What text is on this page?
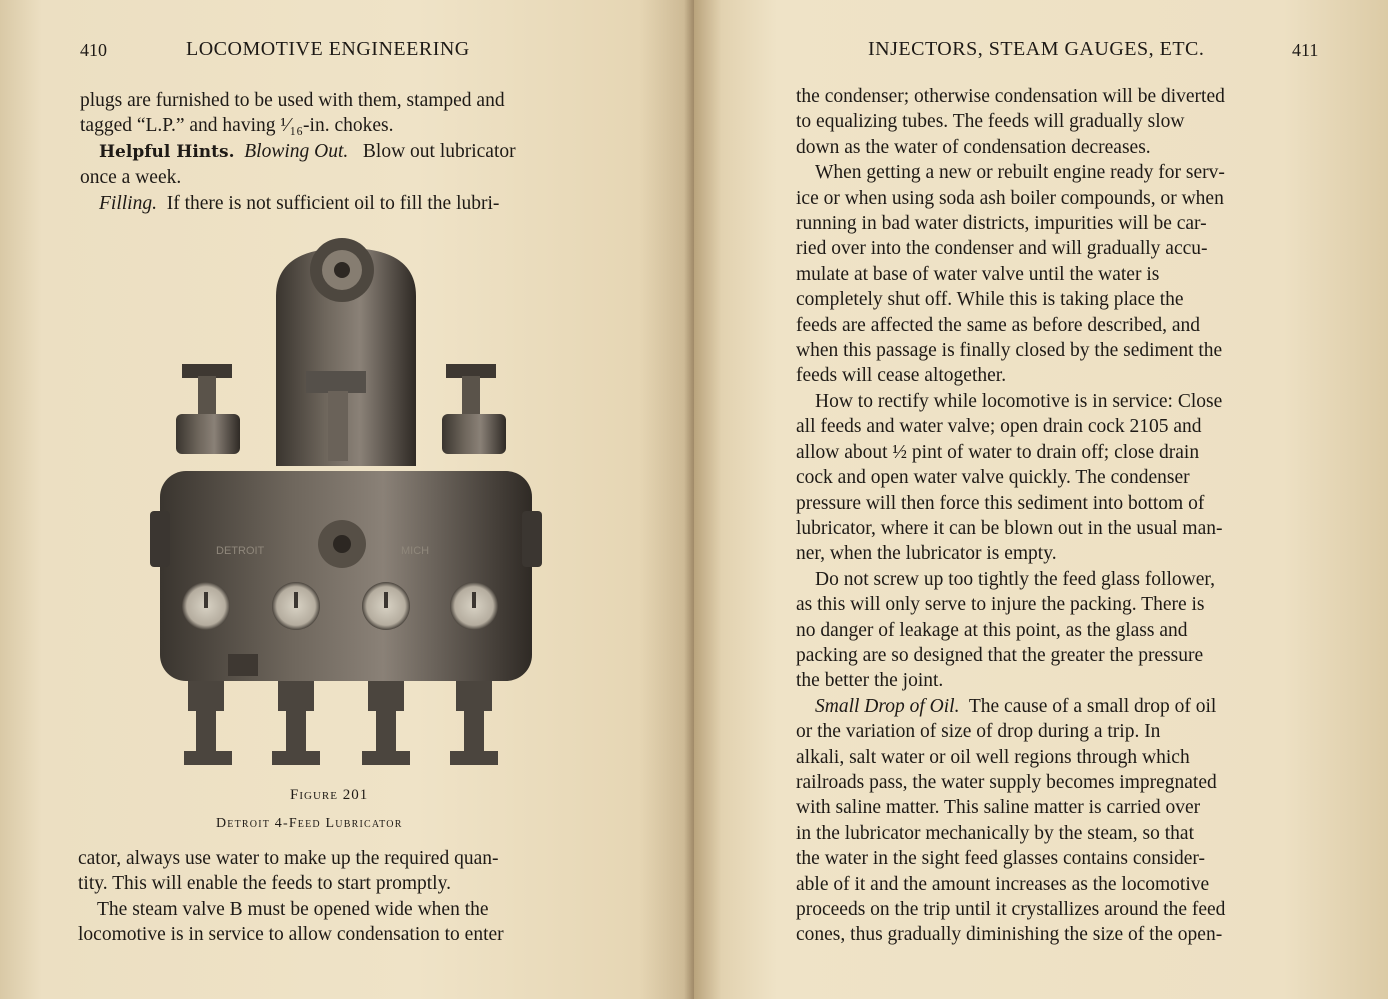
410	LOCOMOTIVE ENGINEERING

plugs are furnished to be used with them, stamped and
tagged “L.P.” and having ¹⁄₁₆-in. chokes.

Helpful Hints. Blowing Out. Blow out lubricator
once a week.

Filling. If there is not sufficient oil to fill the lubri-

DETROIT	MICH
Figure 201
Detroit 4-Feed Lubricator

cator, always use water to make up the required quan-
tity. This will enable the feeds to start promptly.

The steam valve B must be opened wide when the
locomotive is in service to allow condensation to enter

INJECTORS, STEAM GAUGES, ETC.	411

the condenser; otherwise condensation will be diverted
to equalizing tubes. The feeds will gradually slow
down as the water of condensation decreases.

When getting a new or rebuilt engine ready for serv-
ice or when using soda ash boiler compounds, or when
running in bad water districts, impurities will be car-
ried over into the condenser and will gradually accu-
mulate at base of water valve until the water is
completely shut off. While this is taking place the
feeds are affected the same as before described, and
when this passage is finally closed by the sediment the
feeds will cease altogether.

How to rectify while locomotive is in service: Close
all feeds and water valve; open drain cock 2105 and
allow about ½ pint of water to drain off; close drain
cock and open water valve quickly. The condenser
pressure will then force this sediment into bottom of
lubricator, where it can be blown out in the usual man-
ner, when the lubricator is empty.

Do not screw up too tightly the feed glass follower,
as this will only serve to injure the packing. There is
no danger of leakage at this point, as the glass and
packing are so designed that the greater the pressure
the better the joint.

Small Drop of Oil. The cause of a small drop of oil
or the variation of size of drop during a trip. In
alkali, salt water or oil well regions through which
railroads pass, the water supply becomes impregnated
with saline matter. This saline matter is carried over
in the lubricator mechanically by the steam, so that
the water in the sight feed glasses contains consider-
able of it and the amount increases as the locomotive
proceeds on the trip until it crystallizes around the feed
cones, thus gradually diminishing the size of the open-
